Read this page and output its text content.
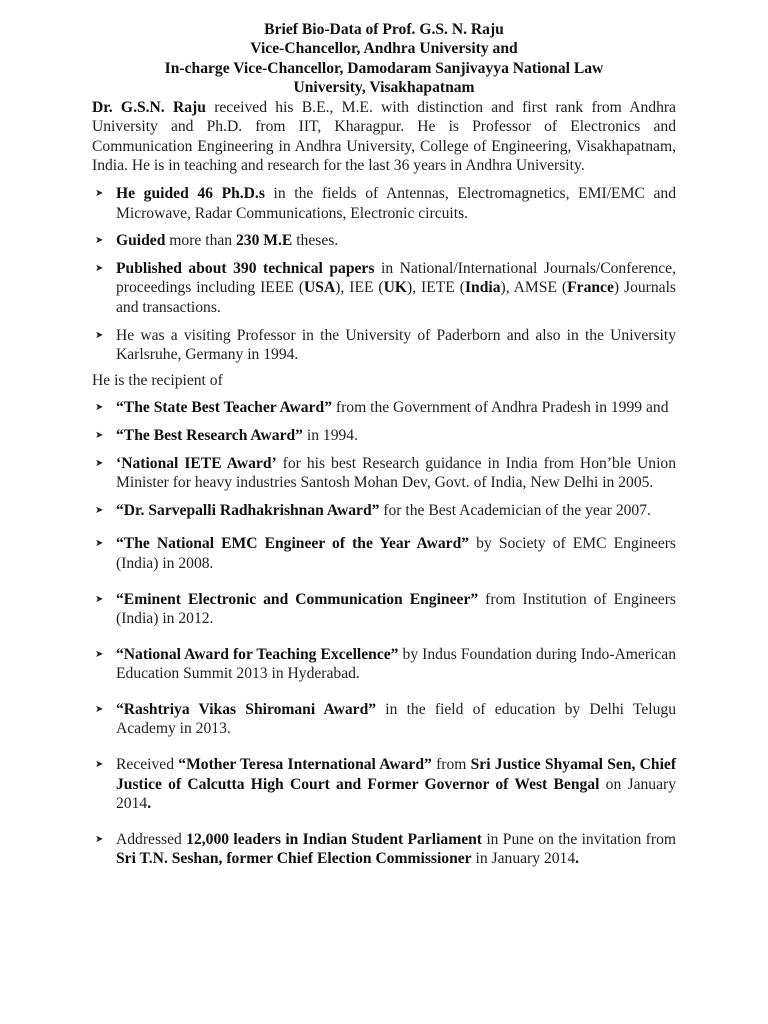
Brief Bio-Data of Prof. G.S. N. Raju
Vice-Chancellor, Andhra University and
In-charge Vice-Chancellor, Damodaram Sanjivayya National Law
University, Visakhapatnam

Dr. G.S.N. Raju received his B.E., M.E. with distinction and first rank from Andhra University and Ph.D. from IIT, Kharagpur. He is Professor of Electronics and Communication Engineering in Andhra University, College of Engineering, Visakhapatnam, India. He is in teaching and research for the last 36 years in Andhra University.

➤ He guided 46 Ph.D.s in the fields of Antennas, Electromagnetics, EMI/EMC and Microwave, Radar Communications, Electronic circuits.
➤ Guided more than 230 M.E theses.
➤ Published about 390 technical papers in National/International Journals/Conference, proceedings including IEEE (USA), IEE (UK), IETE (India), AMSE (France) Journals and transactions.
➤ He was a visiting Professor in the University of Paderborn and also in the University Karlsruhe, Germany in 1994.

He is the recipient of

➤ “The State Best Teacher Award” from the Government of Andhra Pradesh in 1999 and
➤ “The Best Research Award” in 1994.
➤ ‘National IETE Award’ for his best Research guidance in India from Hon’ble Union Minister for heavy industries Santosh Mohan Dev, Govt. of India, New Delhi in 2005.
➤ “Dr. Sarvepalli Radhakrishnan Award” for the Best Academician of the year 2007.
➤ “The National EMC Engineer of the Year Award” by Society of EMC Engineers (India) in 2008.
➤ “Eminent Electronic and Communication Engineer” from Institution of Engineers (India) in 2012.
➤ “National Award for Teaching Excellence” by Indus Foundation during Indo-American Education Summit 2013 in Hyderabad.
➤ “Rashtriya Vikas Shiromani Award” in the field of education by Delhi Telugu Academy in 2013.
➤ Received “Mother Teresa International Award” from Sri Justice Shyamal Sen, Chief Justice of Calcutta High Court and Former Governor of West Bengal on January 2014.
➤ Addressed 12,000 leaders in Indian Student Parliament in Pune on the invitation from Sri T.N. Seshan, former Chief Election Commissioner in January 2014.
